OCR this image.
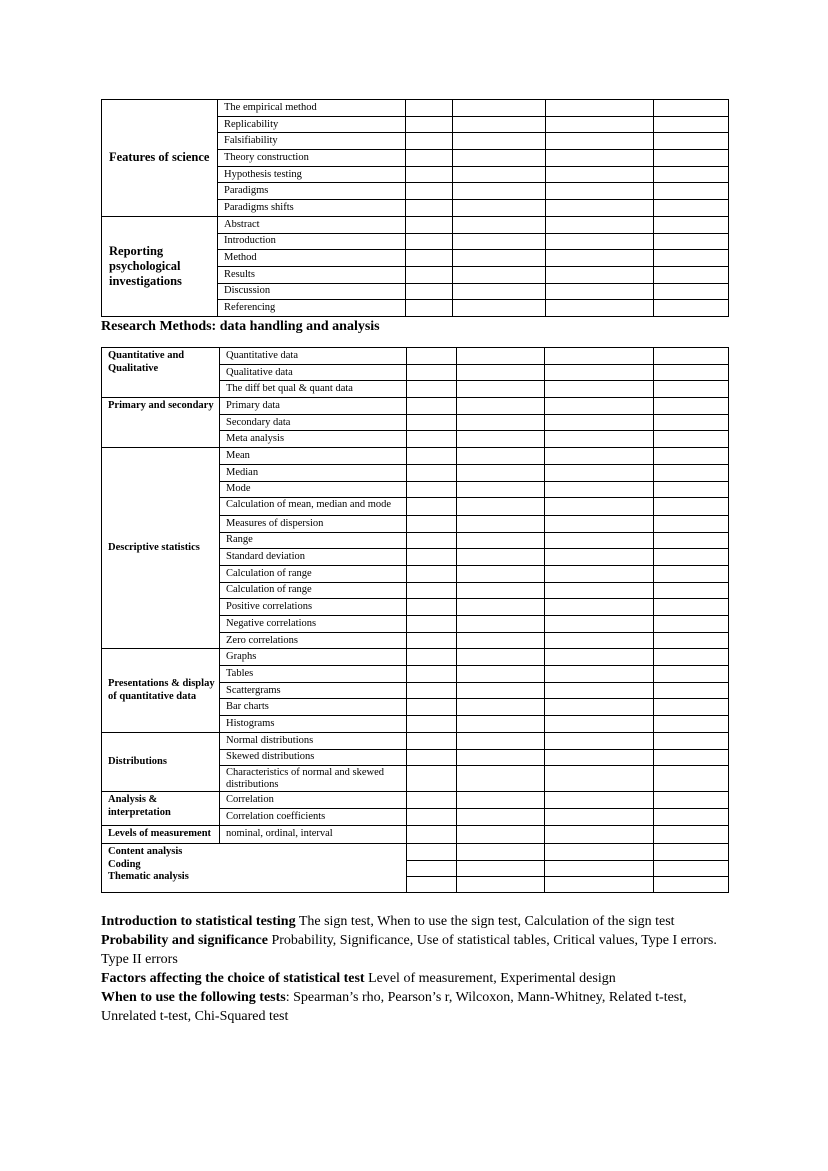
Features of science	The empirical method				
	Replicability				
	Falsifiability				
	Theory construction				
	Hypothesis testing				
	Paradigms				
	Paradigms shifts				
Reporting psychological investigations	Abstract				
	Introduction				
	Method				
	Results				
	Discussion				
	Referencing				
Research Methods: data handling and analysis
Quantitative and Qualitative	Quantitative data				
	Qualitative data				
	The diff bet qual & quant data				
Primary and secondary	Primary data				
	Secondary data				
	Meta analysis				
Descriptive statistics	Mean				
	Median				
	Mode				
	Calculation of mean, median and mode				
	Measures of dispersion				
	Range				
	Standard deviation				
	Calculation of range				
	Calculation of range				
	Positive correlations				
	Negative correlations				
	Zero correlations				
Presentations & display of quantitative data	Graphs				
	Tables				
	Scattergrams				
	Bar charts				
	Histograms				
Distributions	Normal distributions				
	Skewed distributions				
	Characteristics of normal and skewed distributions				
Analysis & interpretation	Correlation				
	Correlation coefficients				
Levels of measurement	nominal, ordinal, interval				

Content analysis
Coding
Thematic analysis					

Introduction to statistical testing The sign test, When to use the sign test, Calculation of the sign test

Probability and significance Probability, Significance, Use of statistical tables, Critical values, Type I errors. Type II errors

Factors affecting the choice of statistical test Level of measurement, Experimental design

When to use the following tests: Spearman’s rho, Pearson’s r, Wilcoxon, Mann-Whitney, Related t-test, Unrelated t-test, Chi-Squared test
